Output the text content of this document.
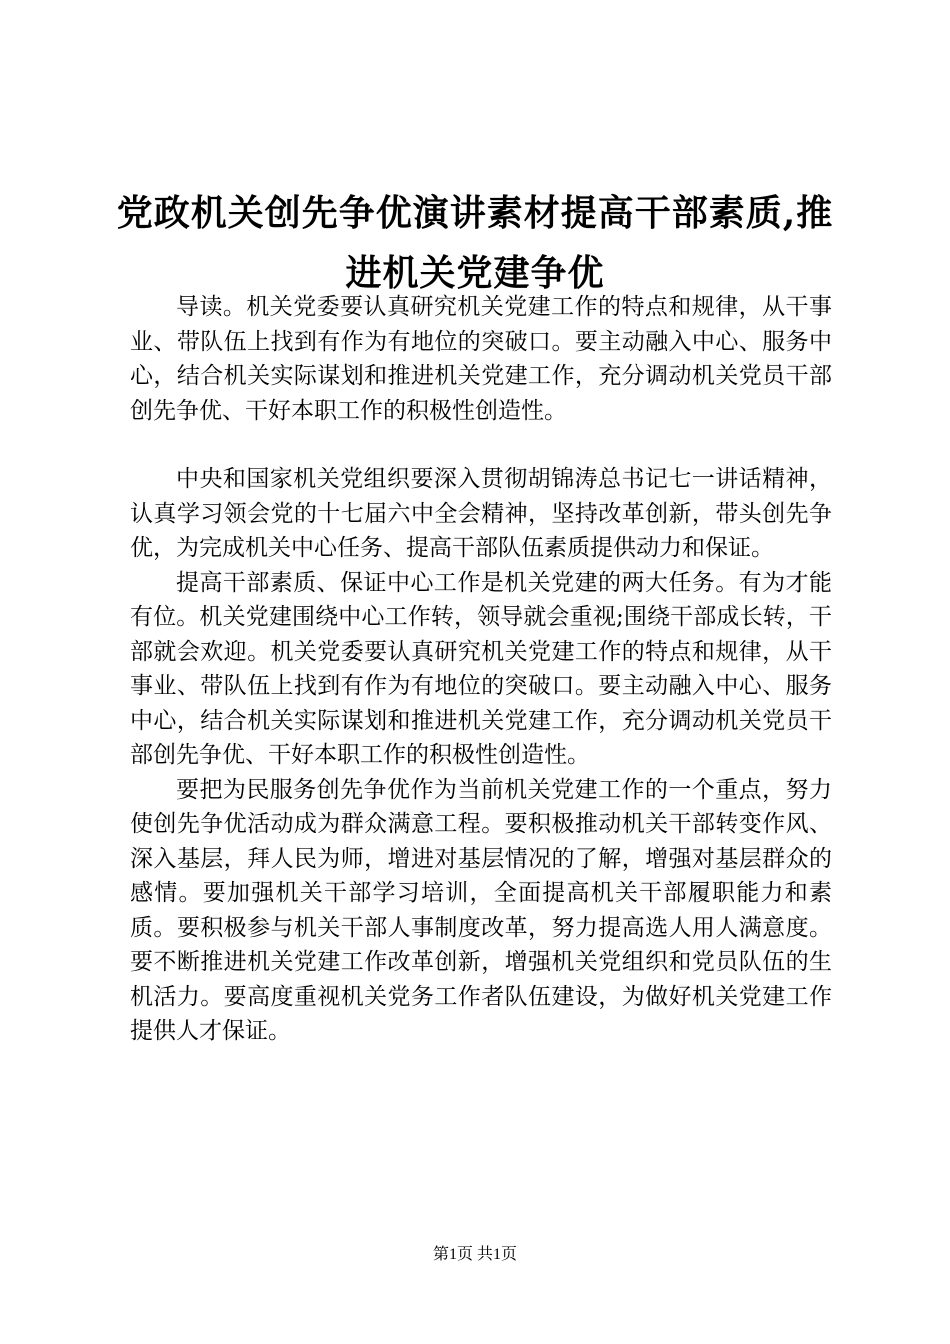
党政机关创先争优演讲素材提高干部素质,推进机关党建争优

导读。机关党委要认真研究机关党建工作的特点和规律，从干事业、带队伍上找到有作为有地位的突破口。要主动融入中心、服务中心，结合机关实际谋划和推进机关党建工作，充分调动机关党员干部创先争优、干好本职工作的积极性创造性。

中央和国家机关党组织要深入贯彻胡锦涛总书记七一讲话精神，认真学习领会党的十七届六中全会精神，坚持改革创新，带头创先争优，为完成机关中心任务、提高干部队伍素质提供动力和保证。

提高干部素质、保证中心工作是机关党建的两大任务。有为才能有位。机关党建围绕中心工作转，领导就会重视;围绕干部成长转，干部就会欢迎。机关党委要认真研究机关党建工作的特点和规律，从干事业、带队伍上找到有作为有地位的突破口。要主动融入中心、服务中心，结合机关实际谋划和推进机关党建工作，充分调动机关党员干部创先争优、干好本职工作的积极性创造性。

要把为民服务创先争优作为当前机关党建工作的一个重点，努力使创先争优活动成为群众满意工程。要积极推动机关干部转变作风、深入基层，拜人民为师，增进对基层情况的了解，增强对基层群众的感情。要加强机关干部学习培训，全面提高机关干部履职能力和素质。要积极参与机关干部人事制度改革，努力提高选人用人满意度。要不断推进机关党建工作改革创新，增强机关党组织和党员队伍的生机活力。要高度重视机关党务工作者队伍建设，为做好机关党建工作提供人才保证。

第1页 共1页
